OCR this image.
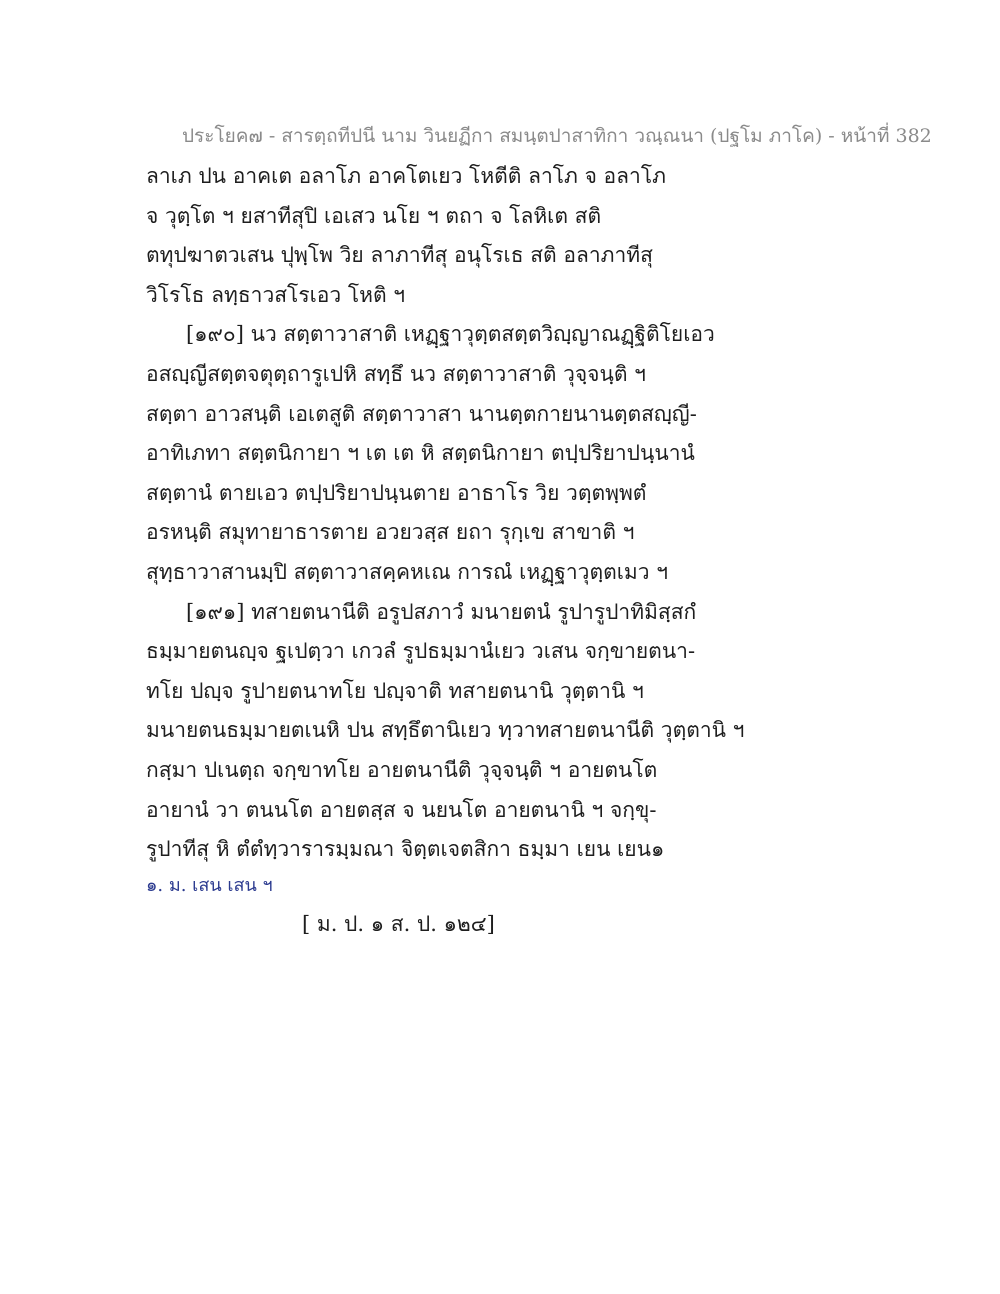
ประโยค๗ - สารตฺถทีปนี นาม วินยฏีกา สมนฺตปาสาทิกา วณฺณนา (ปฐโม ภาโค) - หน้าที่ 382
ลาเภ ปน อาคเต อลาโภ อาคโตเยว โหตีติ ลาโภ จ อลาโภ
จ วุตฺโต ฯ ยสาทีสุปิ เอเสว นโย ฯ ตถา จ โลหิเต สติ
ตทุปฆาตวเสน ปุพฺโพ วิย ลาภาทีสุ อนุโรเธ สติ อลาภาทีสุ
วิโรโธ ลทฺธาวสโรเอว โหติ ฯ
[๑๙๐] นว สตฺตาวาสาติ เหฏฺฐาวุตฺตสตฺตวิญฺญาณฏฺฐิติโยเอว
อสญฺญีสตฺตจตุตฺถารูเปหิ สทฺธึ นว สตฺตาวาสาติ วุจฺจนฺติ ฯ
สตฺตา อาวสนฺติ เอเตสูติ สตฺตาวาสา นานตฺตกายนานตฺตสญฺญี-
อาทิเภทา สตฺตนิกายา ฯ เต เต หิ สตฺตนิกายา ตปฺปริยาปนฺนานํ
สตฺตานํ ตายเอว ตปฺปริยาปนฺนตาย อาธาโร วิย วตฺตพฺพตํ
อรหนฺติ สมุทายาธารตาย อวยวสฺส ยถา รุกฺเข สาขาติ ฯ
สุทฺธาวาสานมฺปิ สตฺตาวาสคฺคหเณ การณํ เหฏฺฐาวุตฺตเมว ฯ
[๑๙๑] ทสายตนานีติ อรูปสภาวํ มนายตนํ รูปารูปาทิมิสฺสกํ
ธมฺมายตนญฺจ ฐเปตฺวา เกวลํ รูปธมฺมานํเยว วเสน จกฺขายตนา-
ทโย ปญฺจ รูปายตนาทโย ปญฺจาติ ทสายตนานิ วุตฺตานิ ฯ
มนายตนธมฺมายตเนหิ ปน สทฺธึตานิเยว ทฺวาทสายตนานีติ วุตฺตานิ ฯ
กสฺมา ปเนตฺถ จกฺขาทโย อายตนานีติ วุจฺจนฺติ ฯ อายตนโต
อายานํ วา ตนนโต อายตสฺส จ นยนโต อายตนานิ ฯ จกฺขุ-
รูปาทีสุ หิ ตํตํทฺวารารมฺมณา จิตฺตเจตสิกา ธมฺมา เยน เยน๑
๑. ม. เสน เสน ฯ
[ ม. ป. ๑ ส. ป. ๑๒๔]
